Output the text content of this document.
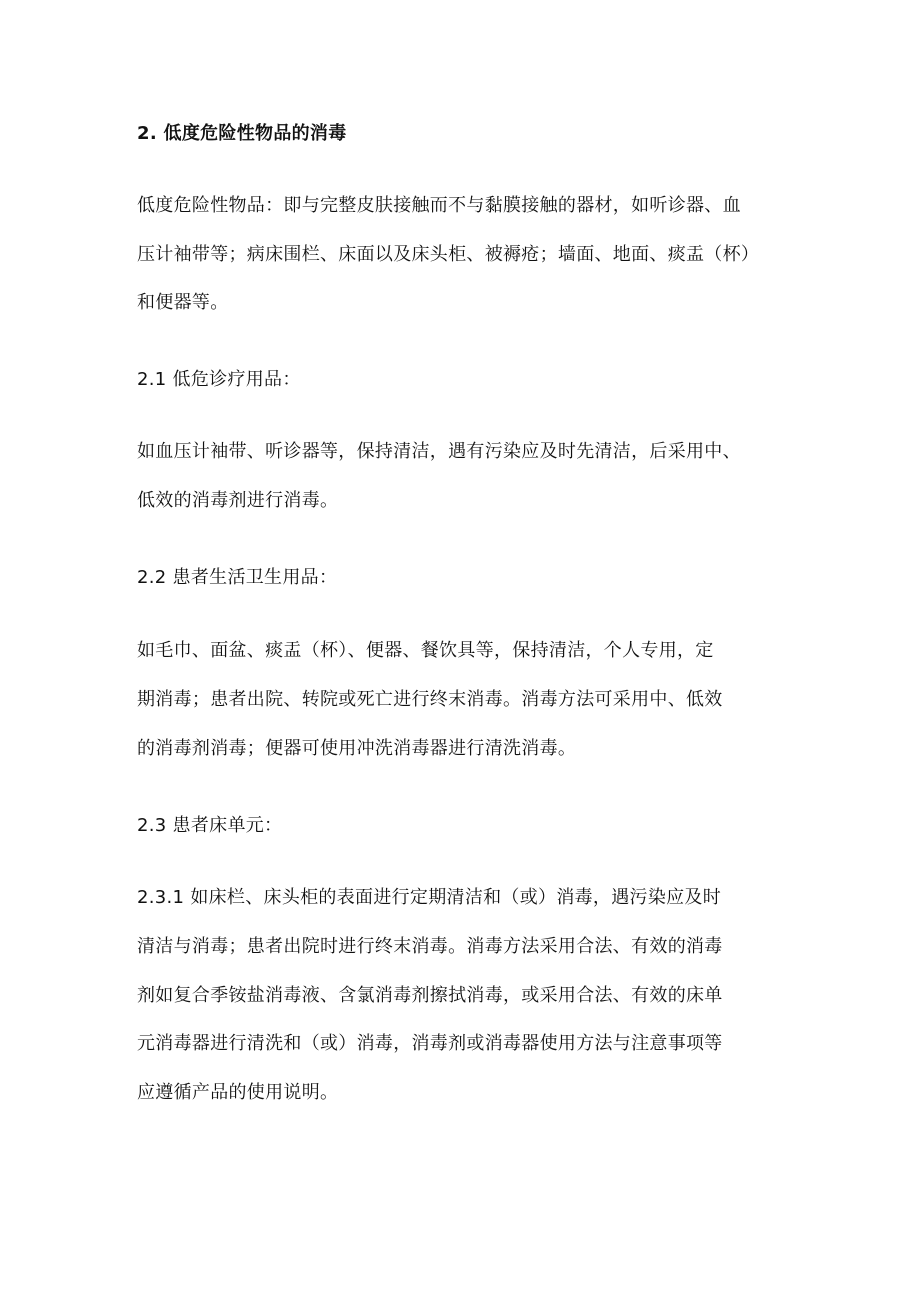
2. 低度危险性物品的消毒
低度危险性物品：即与完整皮肤接触而不与黏膜接触的器材，如听诊器、血
压计袖带等；病床围栏、床面以及床头柜、被褥疮；墙面、地面、痰盂（杯）
和便器等。
2.1 低危诊疗用品：
如血压计袖带、听诊器等，保持清洁，遇有污染应及时先清洁，后采用中、
低效的消毒剂进行消毒。
2.2 患者生活卫生用品：
如毛巾、面盆、痰盂（杯）、便器、餐饮具等，保持清洁，个人专用，定
期消毒；患者出院、转院或死亡进行终末消毒。消毒方法可采用中、低效
的消毒剂消毒；便器可使用冲洗消毒器进行清洗消毒。
2.3 患者床单元：
2.3.1 如床栏、床头柜的表面进行定期清洁和（或）消毒，遇污染应及时
清洁与消毒；患者出院时进行终末消毒。消毒方法采用合法、有效的消毒
剂如复合季铵盐消毒液、含氯消毒剂擦拭消毒，或采用合法、有效的床单
元消毒器进行清洗和（或）消毒，消毒剂或消毒器使用方法与注意事项等
应遵循产品的使用说明。
